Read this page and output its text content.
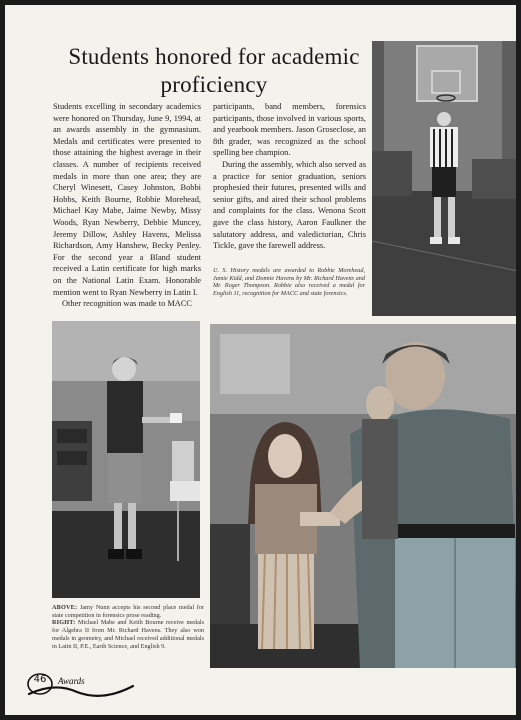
Students honored for academic proficiency

Students excelling in secondary academics were honored on Thursday, June 9, 1994, at an awards assembly in the gymnasium. Medals and certificates were presented to those attaining the highest average in their classes. A number of recipients received medals in more than one area; they are Cheryl Winesett, Casey Johnston, Bobbi Hobbs, Keith Bourne, Robbie Morehead, Michael Kay Mabe, Jaime Newby, Missy Woods, Ryan Newberry, Debbie Muncey, Jeremy Dillow, Ashley Havens, Melissa Richardson, Amy Hanshew, Becky Penley. For the second year a Bland student received a Latin certificate for high marks on the National Latin Exam. Honorable mention went to Ryan Newberry in Latin I.

Other recognition was made to MACC

participants, band members, forensics participants, those involved in various sports, and yearbook members. Jason Groseclose, an 8th grader, was recognized as the school spelling bee champion.

During the assembly, which also served as a practice for senior graduation, seniors prophesied their futures, presented wills and senior gifts, and aired their school problems and complaints for the class. Wenona Scott gave the class history, Aaron Faulkner the salutatory address, and valedictorian, Chris Tickle, gave the farewell address.

U. S. History medals are awarded to Robbie Morehead, Jamie Kidd, and Donnie Havens by Mr. Richard Havens and Mr. Roger Thompson. Robbie also received a medal for English 11, recognition for MACC and state forensics.
ABOVE: Jamy Nunn accepts his second place medal for state competition in forensics prose reading.
RIGHT: Michael Mabe and Keith Bourne receive medals for Algebra II from Mr. Richard Havens. They also won medals in geometry, and Michael received additional medals in Latin II, P.E., Earth Science, and English 9.
46	Awards
